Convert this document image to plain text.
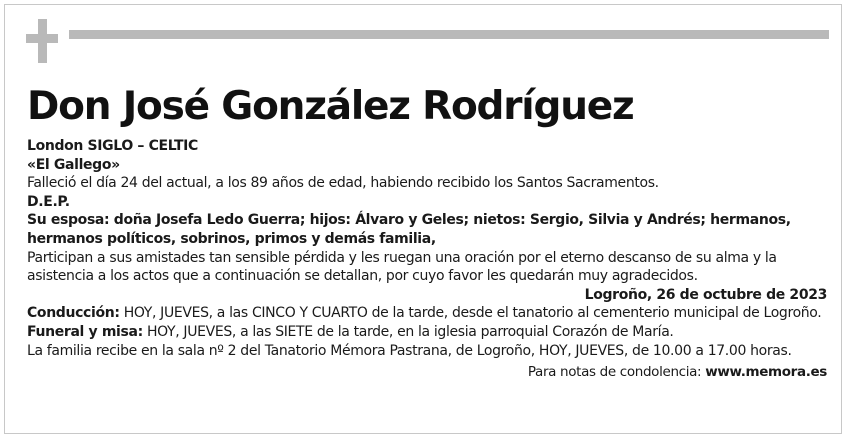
Don José González Rodríguez

London SIGLO – CELTIC

«El Gallego»

Falleció el día 24 del actual, a los 89 años de edad, habiendo recibido los Santos Sacramentos.

D.E.P.

Su esposa: doña Josefa Ledo Guerra; hijos: Álvaro y Geles; nietos: Sergio, Silvia y Andrés; hermanos, hermanos políticos, sobrinos, primos y demás familia,

Participan a sus amistades tan sensible pérdida y les ruegan una oración por el eterno descanso de su alma y la asistencia a los actos que a continuación se detallan, por cuyo favor les quedarán muy agradecidos.

Logroño, 26 de octubre de 2023

Conducción: HOY, JUEVES, a las CINCO Y CUARTO de la tarde, desde el tanatorio al cementerio municipal de Logroño.

Funeral y misa: HOY, JUEVES, a las SIETE de la tarde, en la iglesia parroquial Corazón de María.

La familia recibe en la sala nº 2 del Tanatorio Mémora Pastrana, de Logroño, HOY, JUEVES, de 10.00 a 17.00 horas.

Para notas de condolencia: www.memora.es
